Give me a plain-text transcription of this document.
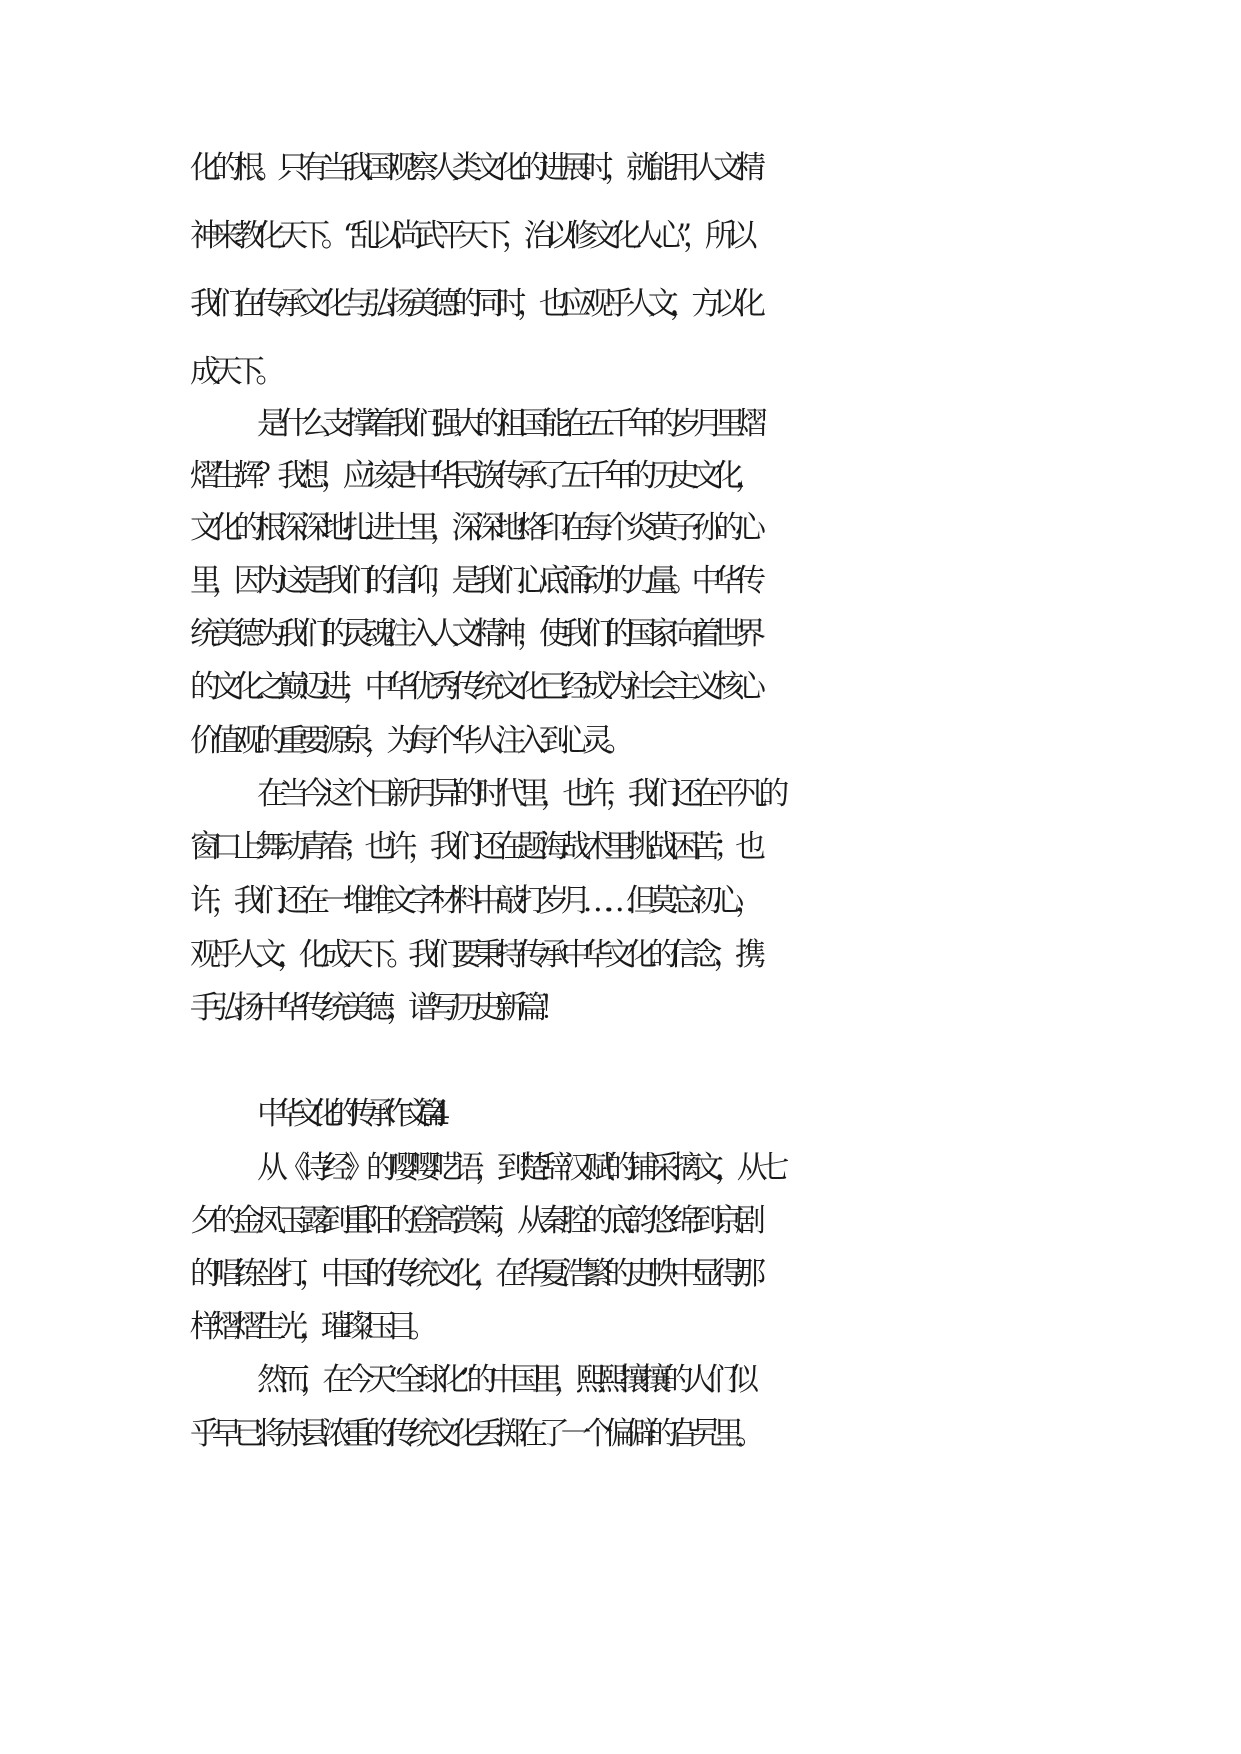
化的根。只有当我国观察人类文化的进展时，就能用人文精
神来教化天下。“乱以尚武平天下，治以修文化人心”，所以
我们在传承文化与弘扬美德的同时，也应观乎人文，方以化
成天下。
是什么支撑着我们强大的祖国能在五千年的岁月里熠
熠生辉？我想，应该是中华民族传承了五千年的历史文化，
文化的根深深地扎进土里，深深地烙印在每个炎黄子孙的心
里，因为这是我们的信仰，是我们心底涌动的力量。中华传
统美德为我们的灵魂注入人文精神，使我们的国家向着世界
的文化之巅迈进，中华优秀传统文化已经成为社会主义核心
价值观的重要源泉，为每个华人注入到心灵。
在当今这个日新月异的时代里，也许，我们还在平凡的
窗口上舞动青春；也许，我们还在题海战术里挑战困苦；也
许，我们还在一堆堆文字材料中敲打岁月……但莫忘初心，
观乎人文，化成天下。我们要秉持传承中华文化的信念，携
手弘扬中华传统美德，谱写历史新篇！
中华文化的传承作文 篇 4
从《诗经》的嘤嘤呓语，到楚辞汉赋的铺采摛文，从七
夕的金凤玉露到重阳的登高赏菊，从秦腔的底韵悠绵到京剧
的唱练坐打，中国的传统文化，在华夏浩繁的史帙中显得那
样熠熠生光，璀璨压目。
然而，在今天“全球化”的中国里，熙熙攘攘的人们似
乎早已将赤县浓重的传统文化丢掷在了一个偏僻的旮旯里。
